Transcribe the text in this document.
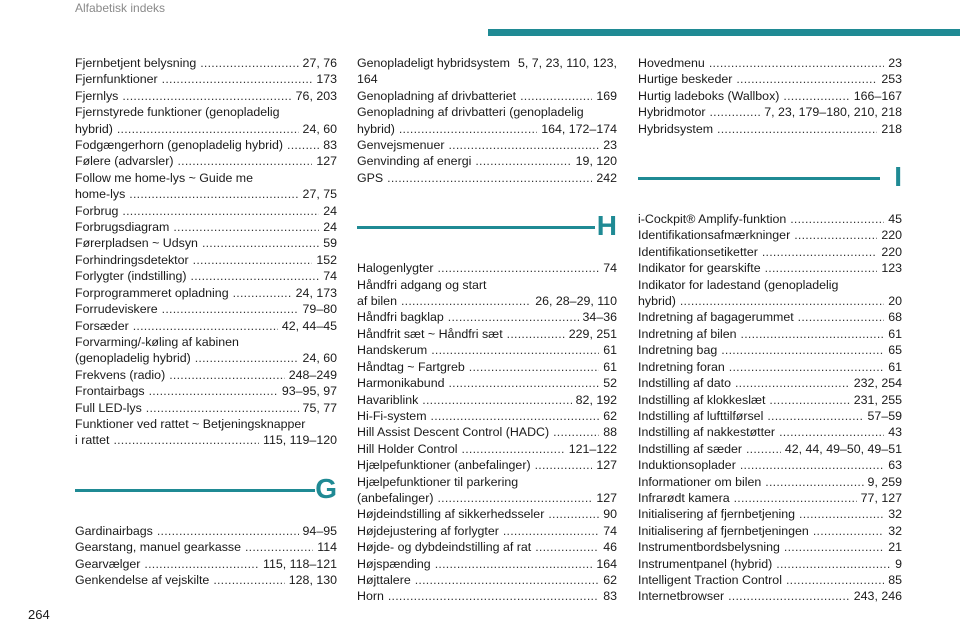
Alfabetisk indeks
Fjernbetjent belysning . . .	27, 76
Fjernfunktioner . . .	173
Fjernlys . . .	76, 203
Fjernstyrede funktioner (genopladelig
hybrid) . . .	24, 60
Fodgængerhorn (genopladelig hybrid) . . .	83
Følere (advarsler) . . .	127
Follow me home-lys ~ Guide me
home-lys . . .	27, 75
Forbrug . . .	24
Forbrugsdiagram . . .	24
Førerpladsen ~ Udsyn . . .	59
Forhindringsdetektor . . .	152
Forlygter (indstilling) . . .	74
Forprogrammeret opladning . . .	24, 173
Forrudeviskere . . .	79–80
Forsæder . . .	42, 44–45
Forvarming/-køling af kabinen
(genopladelig hybrid) . . .	24, 60
Frekvens (radio) . . .	248–249
Frontairbags . . .	93–95, 97
Full LED-lys . . .	75, 77
Funktioner ved rattet ~ Betjeningsknapper
i rattet . . .	115, 119–120
G
Gardinairbags . . .	94–95
Gearstang, manuel gearkasse . . .	114
Gearvælger . . .	115, 118–121
Genkendelse af vejskilte . . .	128, 130
Genopladeligt hybridsystem . . . 5, 7, 23, 110, 123,
164
Genopladning af drivbatteriet . . .	169
Genopladning af drivbatteri (genopladelig
hybrid) . . .	164, 172–174
Genvejsmenuer . . .	23
Genvinding af energi . . .	19, 120
GPS . . .	242
H
Halogenlygter . . .	74
Håndfri adgang og start
af bilen . . .	26, 28–29, 110
Håndfri bagklap . . .	34–36
Håndfrit sæt ~ Håndfri sæt . . .	229, 251
Handskerum . . .	61
Håndtag ~ Fartgreb . . .	61
Harmonikabund . . .	52
Havariblink . . .	82, 192
Hi-Fi-system . . .	62
Hill Assist Descent Control (HADC) . . .	88
Hill Holder Control . . .	121–122
Hjælpefunktioner (anbefalinger) . . .	127
Hjælpefunktioner til parkering
(anbefalinger) . . .	127
Højdeindstilling af sikkerhedsseler . . .	90
Højdejustering af forlygter . . .	74
Højde- og dybdeindstilling af rat . . .	46
Højspænding . . .	164
Højttalere . . .	62
Horn . . .	83
Hovedmenu . . .	23
Hurtige beskeder . . .	253
Hurtig ladeboks (Wallbox) . . .	166–167
Hybridmotor . . .	7, 23, 179–180, 210, 218
Hybridsystem . . .	218
I
i-Cockpit® Amplify-funktion . . .	45
Identifikationsafmærkninger . . .	220
Identifikationsetiketter . . .	220
Indikator for gearskifte . . .	123
Indikator for ladestand (genopladelig
hybrid) . . .	20
Indretning af bagagerummet . . .	68
Indretning af bilen . . .	61
Indretning bag . . .	65
Indretning foran . . .	61
Indstilling af dato . . .	232, 254
Indstilling af klokkeslæt . . .	231, 255
Indstilling af lufttilførsel . . .	57–59
Indstilling af nakkestøtter . . .	43
Indstilling af sæder . . .	42, 44, 49–50, 49–51
Induktionsoplader . . .	63
Informationer om bilen . . .	9, 259
Infrarødt kamera . . .	77, 127
Initialisering af fjernbetjening . . .	32
Initialisering af fjernbetjeningen . . .	32
Instrumentbordsbelysning . . .	21
Instrumentpanel (hybrid) . . .	9
Intelligent Traction Control . . .	85
Internetbrowser . . .	243, 246
264
